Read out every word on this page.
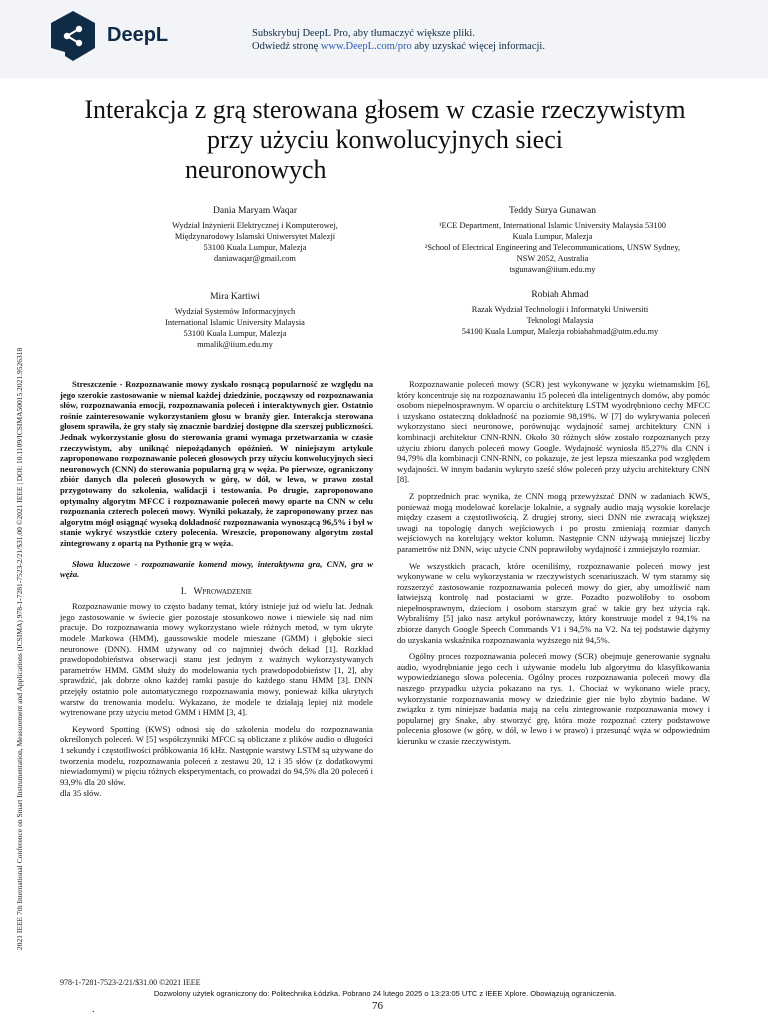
DeepL	Subskrybuj DeepL Pro, aby tłumaczyć większe pliki.
Odwiedź stronę www.DeepL.com/pro aby uzyskać więcej informacji.
2021 IEEE 7th International Conference on Smart Instrumentation, Measurement and Applications (ICSIMA) 978-1-7281-7523-2/21/$31.00 ©2021 IEEE | DOI: 10.1109/ICSIMA50015.2021.9526318
Interakcja z grą sterowana głosem w czasie rzeczywistym
przy użyciu konwolucyjnych sieci
neuronowych
Dania Maryam Waqar
Wydział Inżynierii Elektrycznej i Komputerowej,
Międzynarodowy Islamski Uniwersytet Malezji
53100 Kuala Lumpur, Malezja
daniawaqar@gmail.com
Teddy Surya Gunawan
¹ECE Department, International Islamic University Malaysia 53100
Kuala Lumpur, Malezja
²School of Electrical Engineering and Telecommunications, UNSW Sydney,
NSW 2052, Australia
tsgunawan@iium.edu.my
Mira Kartiwi
Wydział Systemów Informacyjnych
International Islamic University Malaysia
53100 Kuala Lumpur, Malezja
mmalik@iium.edu.my
Robiah Ahmad
Razak Wydział Technologii i Informatyki Uniwersiti
Teknologi Malaysia
54100 Kuala Lumpur, Malezja robiahahmad@utm.edu.my

Streszczenie - Rozpoznawanie mowy zyskało rosnącą popularność ze względu na jego szerokie zastosowanie w niemal każdej dziedzinie, począwszy od rozpoznawania słów, rozpoznawania emocji, rozpoznawania poleceń i interaktywnych gier. Ostatnio rośnie zainteresowanie wykorzystaniem głosu w branży gier. Interakcja sterowana głosem sprawiła, że gry stały się znacznie bardziej dostępne dla szerszej publiczności. Jednak wykorzystanie głosu do sterowania grami wymaga przetwarzania w czasie rzeczywistym, aby uniknąć niepożądanych opóźnień. W niniejszym artykule zaproponowano rozpoznawanie poleceń głosowych przy użyciu konwolucyjnych sieci neuronowych (CNN) do sterowania popularną grą w węża. Po pierwsze, ograniczony zbiór danych dla poleceń głosowych w górę, w dół, w lewo, w prawo został przygotowany do szkolenia, walidacji i testowania. Po drugie, zaproponowano optymalny algorytm MFCC i rozpoznawanie poleceń mowy oparte na CNN w celu rozpoznania czterech poleceń mowy. Wyniki pokazały, że zaproponowany przez nas algorytm mógł osiągnąć wysoką dokładność rozpoznawania wynoszącą 96,5% i był w stanie wykryć wszystkie cztery polecenia. Wreszcie, proponowany algorytm został zintegrowany z opartą na Pythonie grą w węża.

Słowa kluczowe - rozpoznawanie komend mowy, interaktywna gra, CNN, gra w węża.

I. Wprowadzenie

Rozpoznawanie mowy to często badany temat, który istnieje już od wielu lat. Jednak jego zastosowanie w świecie gier pozostaje stosunkowo nowe i niewiele się nad nim pracuje. Do rozpoznawania mowy wykorzystano wiele różnych metod, w tym ukryte modele Markowa (HMM), gaussowskie modele mieszane (GMM) i głębokie sieci neuronowe (DNN). HMM używany od co najmniej dwóch dekad [1]. Rozkład prawdopodobieństwa obserwacji stanu jest jednym z ważnych wykorzystywanych parametrów HMM. GMM służy do modelowania tych prawdopodobieństw [1, 2], aby sprawdzić, jak dobrze okno każdej ramki pasuje do każdego stanu HMM [3]. DNN przejęły ostatnio pole automatycznego rozpoznawania mowy, ponieważ kilka ukrytych warstw do trenowania modelu. Wykazano, że modele te działają lepiej niż modele wytrenowane przy użyciu metod GMM i HMM [3, 4].

Keyword Spotting (KWS) odnosi się do szkolenia modelu do rozpoznawania określonych poleceń. W [5] współczynniki MFCC są obliczane z plików audio o długości 1 sekundy i częstotliwości próbkowania 16 kHz. Następnie warstwy LSTM są używane do tworzenia modelu, rozpoznawania poleceń z zestawu 20, 12 i 35 słów (z dodatkowymi niewiadomymi) w pięciu różnych eksperymentach, co prowadzi do 94,5% dla 20 poleceń i 93,9% dla 20 słów.

dla 35 słów.

Rozpoznawanie poleceń mowy (SCR) jest wykonywane w języku wietnamskim [6], który koncentruje się na rozpoznawaniu 15 poleceń dla inteligentnych domów, aby pomóc osobom niepełnosprawnym. W oparciu o architekturę LSTM wyodrębniono cechy MFCC i uzyskano ostateczną dokładność na poziomie 98,19%. W [7] do wykrywania poleceń wykorzystano sieci neuronowe, porównując wydajność samej architektury CNN i kombinacji architektur CNN-RNN. Około 30 różnych słów zostało rozpoznanych przy użyciu zbioru danych poleceń mowy Google. Wydajność wyniosła 85,27% dla CNN i 94,79% dla kombinacji CNN-RNN, co pokazuje, że jest lepsza mieszanka pod względem wydajności. W innym badaniu wykryto sześć słów poleceń przy użyciu architektury CNN [8].

Z poprzednich prac wynika, że CNN mogą przewyższać DNN w zadaniach KWS, ponieważ mogą modelować korelacje lokalnie, a sygnały audio mają wysokie korelacje między czasem a częstotliwością. Z drugiej strony, sieci DNN nie zwracają większej uwagi na topologię danych wejściowych i po prostu zmieniają rozmiar danych wejściowych na korelujący wektor kolumn. Następnie CNN używają mniejszej liczby parametrów niż DNN, więc użycie CNN poprawiłoby wydajność i zmniejszyło rozmiar.

We wszystkich pracach, które oceniliśmy, rozpoznawanie poleceń mowy jest wykonywane w celu wykorzystania w rzeczywistych scenariuszach. W tym staramy się rozszerzyć zastosowanie rozpoznawania poleceń mowy do gier, aby umożliwić nam łatwiejszą kontrolę nad postaciami w grze. Pozadto pozwoliłoby to osobom niepełnosprawnym, dzieciom i osobom starszym grać w takie gry bez użycia rąk. Wybraliśmy [5] jako nasz artykuł porównawczy, który konstruuje model z 94,1% na zbiorze danych Google Speech Commands V1 i 94,5% na V2. Na tej podstawie dążymy do uzyskania wskaźnika rozpoznawania wyższego niż 94,5%.

Ogólny proces rozpoznawania poleceń mowy (SCR) obejmuje generowanie sygnału audio, wyodrębnianie jego cech i używanie modelu lub algorytmu do klasyfikowania wypowiedzianego słowa polecenia. Ogólny proces rozpoznawania poleceń mowy dla naszego przypadku użycia pokazano na rys. 1. Chociaż w wykonano wiele pracy, wykorzystanie rozpoznawania mowy w dziedzinie gier nie było zbytnio badane. W związku z tym niniejsze badania mają na celu zintegrowanie rozpoznawania mowy i popularnej gry Snake, aby stworzyć grę, która może rozpoznać cztery podstawowe polecenia głosowe (w górę, w dół, w lewo i w prawo) i przesunąć węża w odpowiednim kierunku w czasie rzeczywistym.

978-1-7281-7523-2/21/$31.00 ©2021 IEEE
Dozwolony użytek ograniczony do: Politechnika Łódzka. Pobrano 24 lutego 2025 o 13:23:05 UTC z IEEE Xplore. Obowiązują ograniczenia.
.	76
